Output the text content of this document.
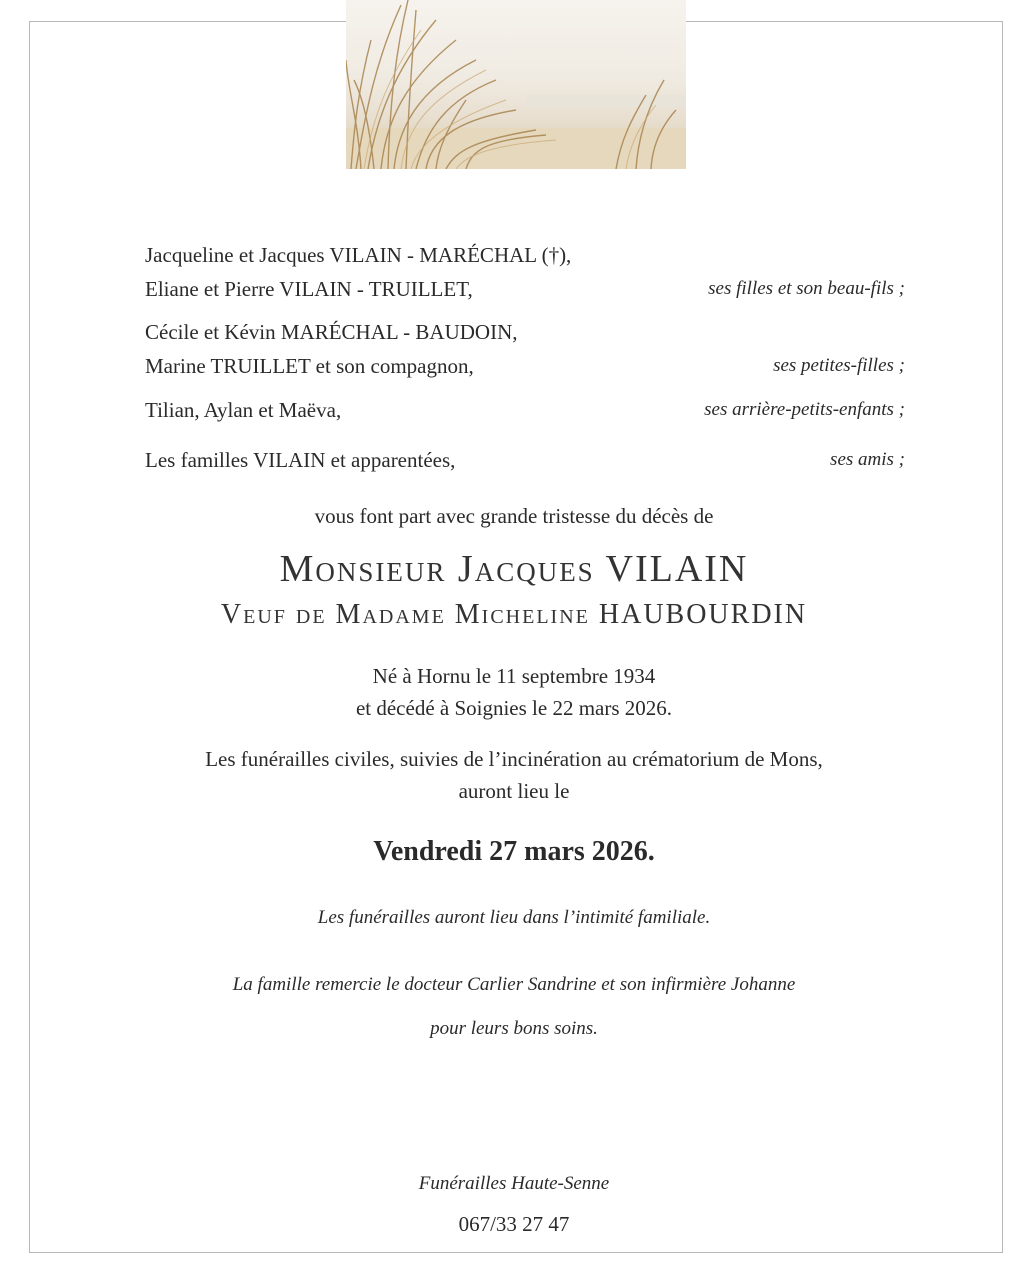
Jacqueline et Jacques VILAIN - MARÉCHAL (†),
Eliane et Pierre VILAIN - TRUILLET,	ses filles et son beau-fils ;
Cécile et Kévin MARÉCHAL - BAUDOIN,
Marine TRUILLET et son compagnon,	ses petites-filles ;
Tilian, Aylan et Maëva,	ses arrière-petits-enfants ;
Les familles VILAIN et apparentées,	ses amis ;
vous font part avec grande tristesse du décès de
Monsieur Jacques VILAIN
Veuf de Madame Micheline HAUBOURDIN
Né à Hornu le 11 septembre 1934
et décédé à Soignies le 22 mars 2026.
Les funérailles civiles, suivies de l’incinération au crématorium de Mons,
auront lieu le
Vendredi 27 mars 2026.
Les funérailles auront lieu dans l’intimité familiale.
La famille remercie le docteur Carlier Sandrine et son infirmière Johanne
pour leurs bons soins.
Funérailles Haute-Senne
067/33 27 47
